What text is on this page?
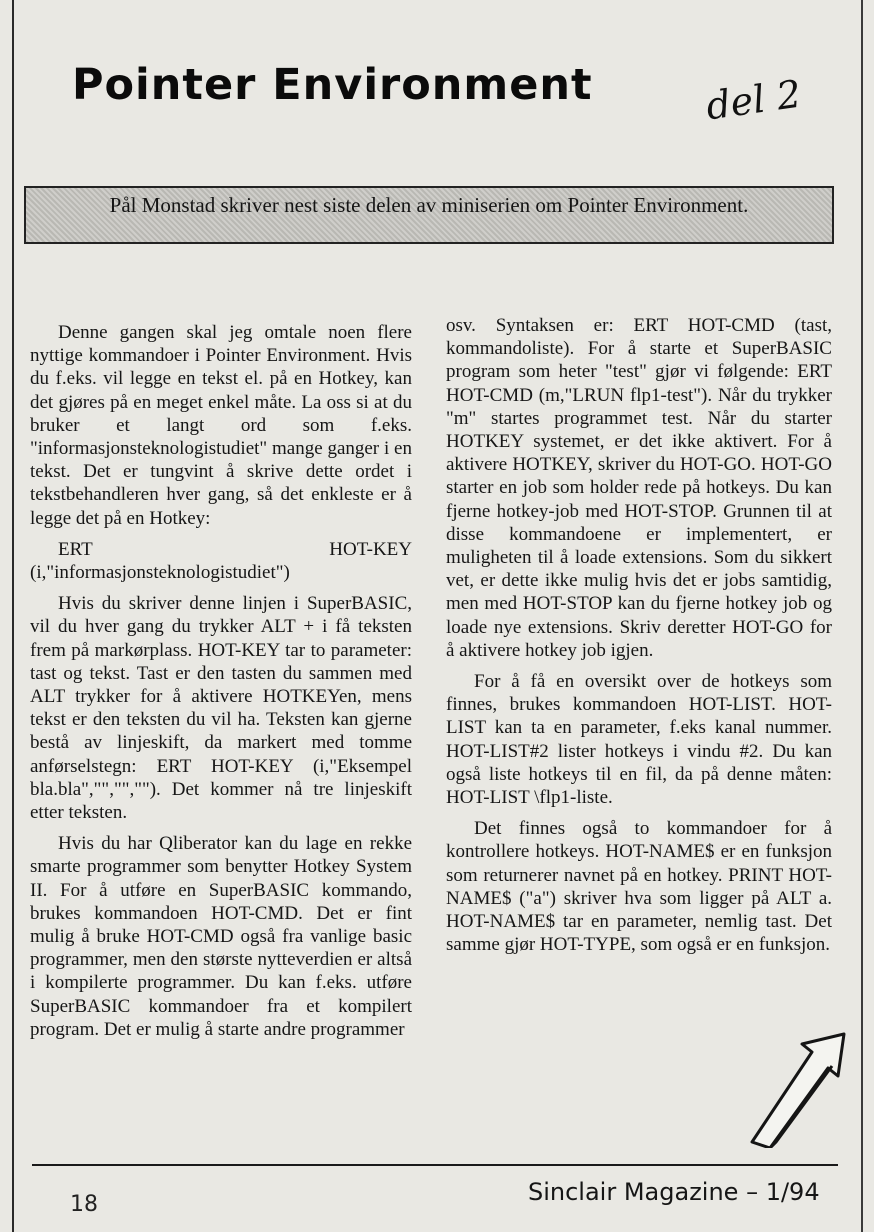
Pointer Environment	del 2
Pål Monstad skriver nest siste delen av miniserien om Pointer Environment.

Denne gangen skal jeg omtale noen flere nyttige kommandoer i Pointer Environment. Hvis du f.eks. vil legge en tekst el. på en Hotkey, kan det gjøres på en meget enkel måte. La oss si at du bruker et langt ord som f.eks. "informasjonsteknologistudiet" mange ganger i en tekst. Det er tungvint å skrive dette ordet i tekstbehandleren hver gang, så det enkleste er å legge det på en Hotkey:

ERT HOT-KEY (i,"informasjonsteknologistudiet")

Hvis du skriver denne linjen i SuperBASIC, vil du hver gang du trykker ALT + i få teksten frem på markørplass. HOT-KEY tar to parameter: tast og tekst. Tast er den tasten du sammen med ALT trykker for å aktivere HOTKEYen, mens tekst er den teksten du vil ha. Teksten kan gjerne bestå av linjeskift, da markert med tomme anførselstegn: ERT HOT-KEY (i,"Eksempel bla.bla","","",""). Det kommer nå tre linjeskift etter teksten.

Hvis du har Qliberator kan du lage en rekke smarte programmer som benytter Hotkey System II. For å utføre en SuperBASIC kommando, brukes kommandoen HOT-CMD. Det er fint mulig å bruke HOT-CMD også fra vanlige basic programmer, men den største nytteverdien er altså i kompilerte programmer. Du kan f.eks. utføre SuperBASIC kommandoer fra et kompilert program. Det er mulig å starte andre programmer

osv. Syntaksen er: ERT HOT-CMD (tast, kommandoliste). For å starte et SuperBASIC program som heter "test" gjør vi følgende: ERT HOT-CMD (m,"LRUN flp1-test"). Når du trykker "m" startes programmet test. Når du starter HOTKEY systemet, er det ikke aktivert. For å aktivere HOTKEY, skriver du HOT-GO. HOT-GO starter en job som holder rede på hotkeys. Du kan fjerne hotkey-job med HOT-STOP. Grunnen til at disse kommandoene er implementert, er muligheten til å loade extensions. Som du sikkert vet, er dette ikke mulig hvis det er jobs samtidig, men med HOT-STOP kan du fjerne hotkey job og loade nye extensions. Skriv deretter HOT-GO for å aktivere hotkey job igjen.

For å få en oversikt over de hotkeys som finnes, brukes kommandoen HOT-LIST. HOT-LIST kan ta en parameter, f.eks kanal nummer. HOT-LIST#2 lister hotkeys i vindu #2. Du kan også liste hotkeys til en fil, da på denne måten: HOT-LIST \flp1-liste.

Det finnes også to kommandoer for å kontrollere hotkeys. HOT-NAME$ er en funksjon som returnerer navnet på en hotkey. PRINT HOT-NAME$ ("a") skriver hva som ligger på ALT a. HOT-NAME$ tar en parameter, nemlig tast. Det samme gjør HOT-TYPE, som også er en funksjon.

18	Sinclair Magazine – 1/94
